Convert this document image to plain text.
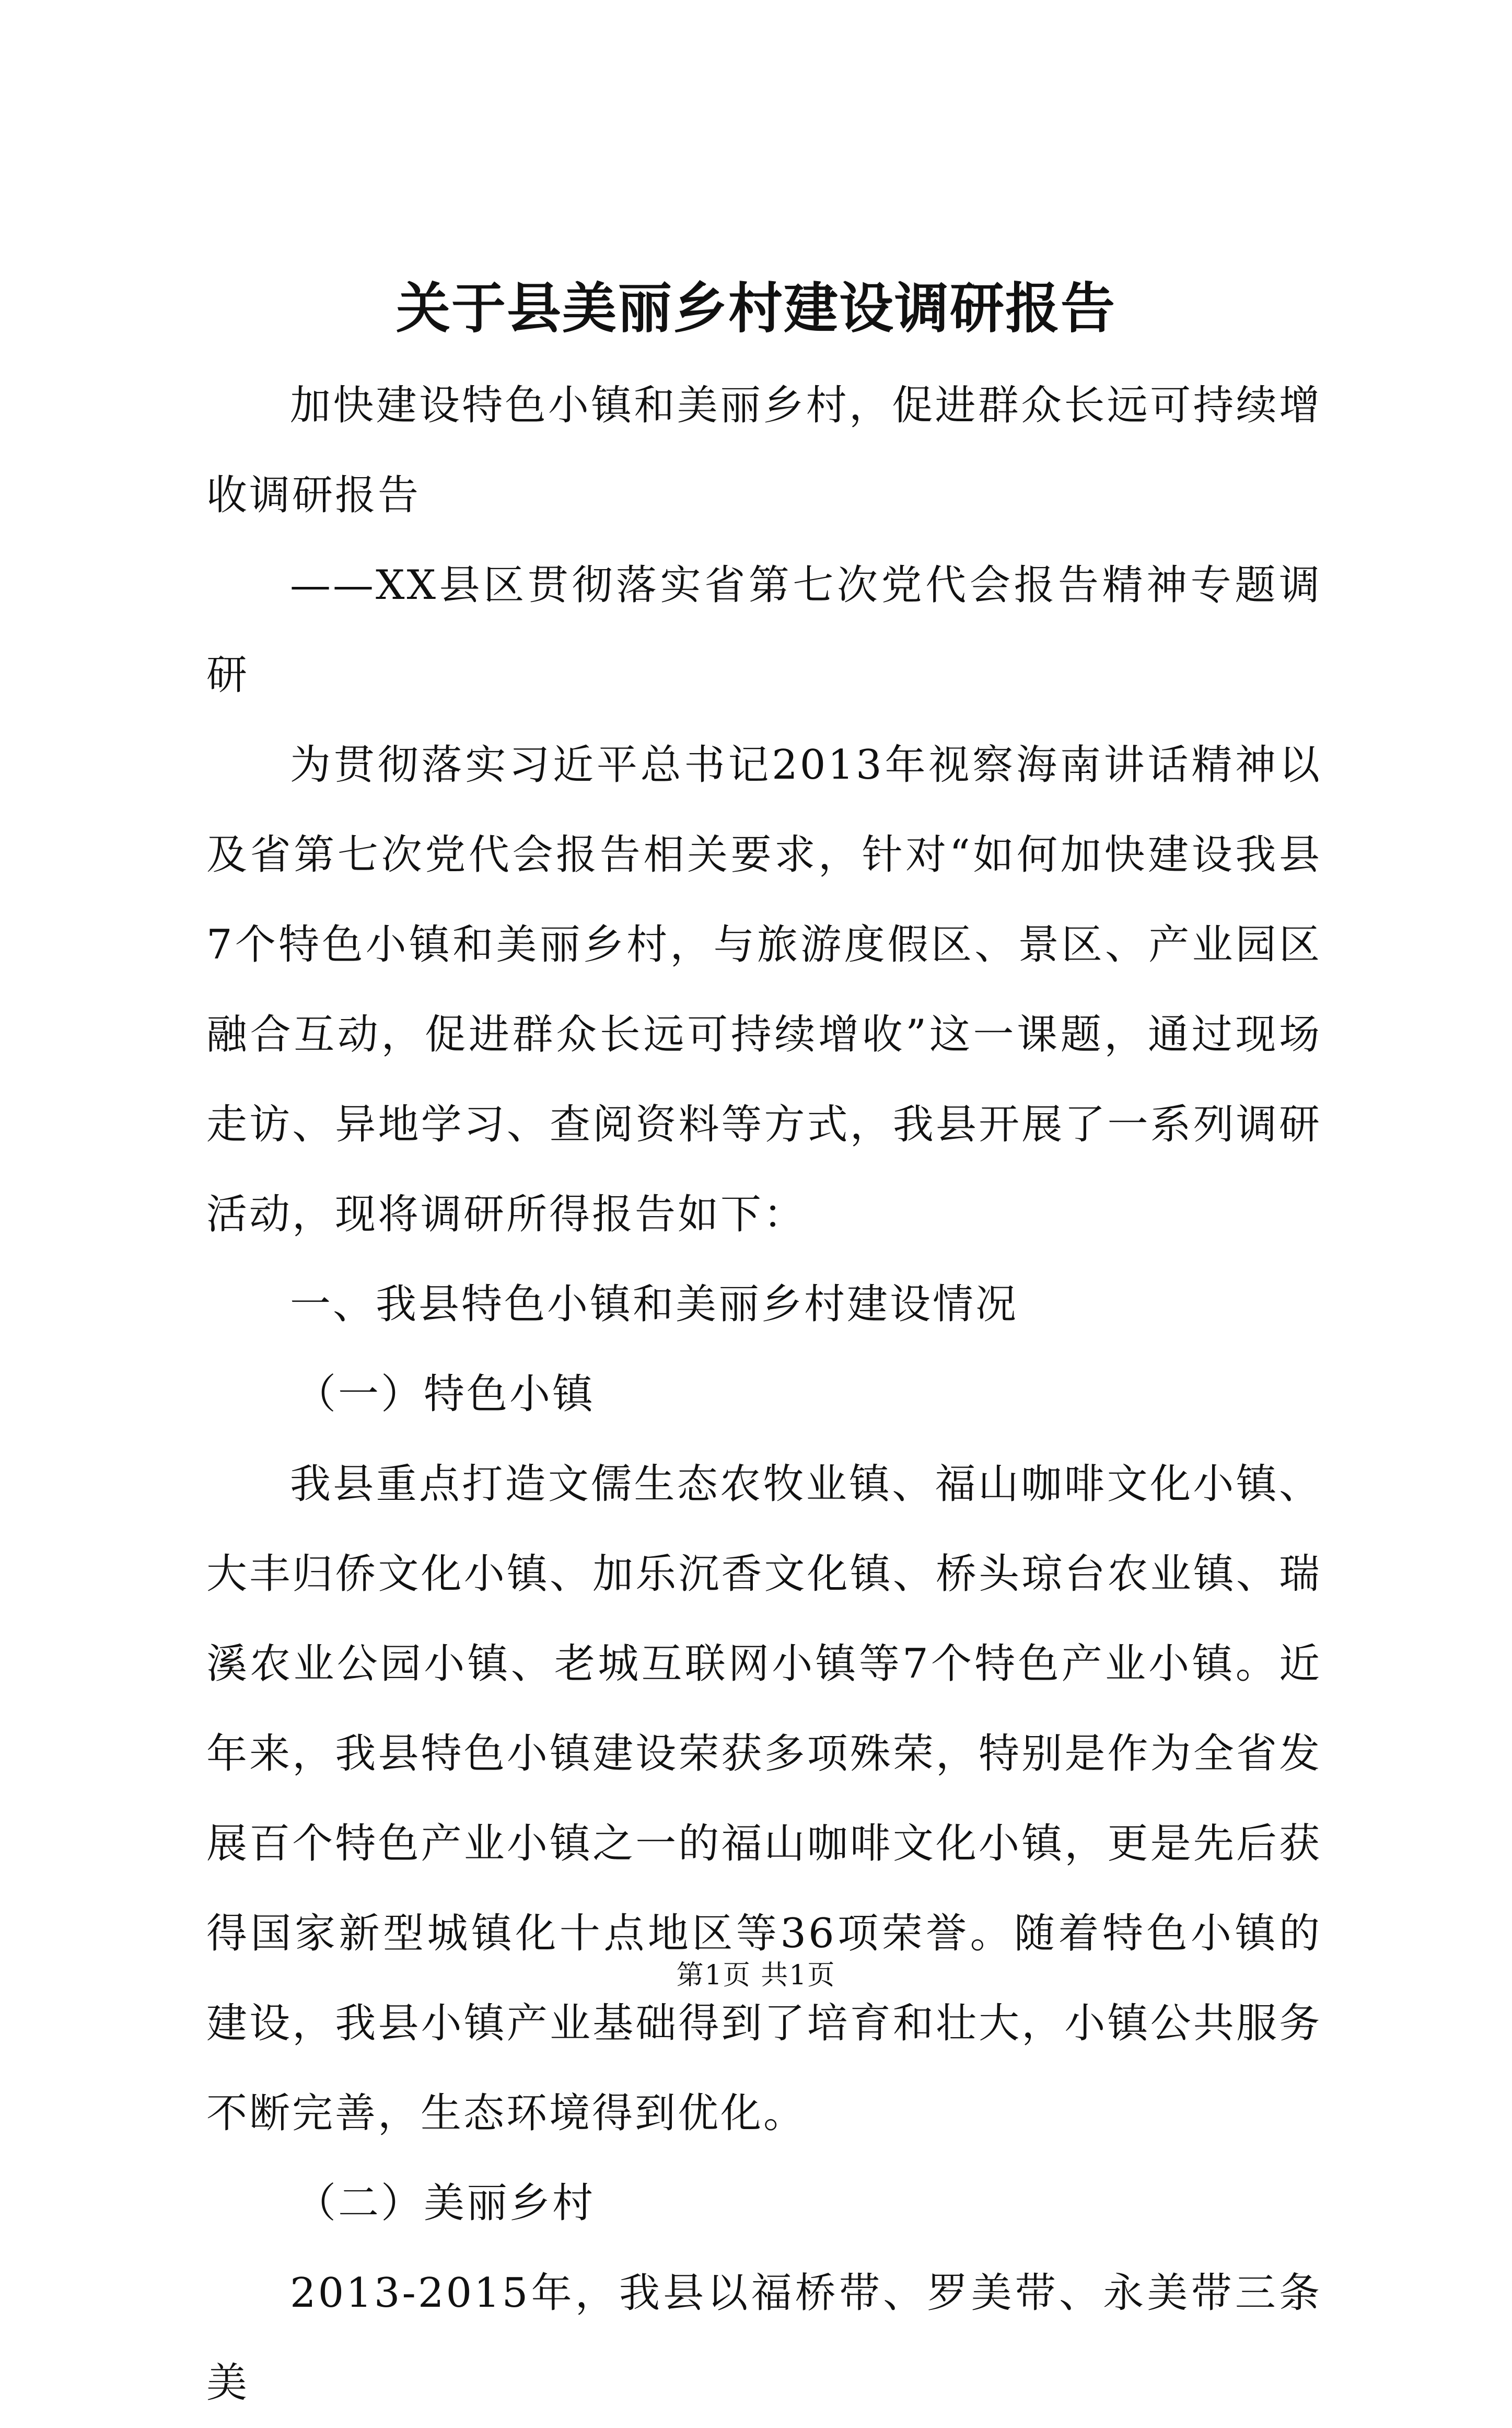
关于县美丽乡村建设调研报告

加快建设特色小镇和美丽乡村，促进群众长远可持续增收调研报告

——XX县区贯彻落实省第七次党代会报告精神专题调研

为贯彻落实习近平总书记2013年视察海南讲话精神以及省第七次党代会报告相关要求，针对“如何加快建设我县7个特色小镇和美丽乡村，与旅游度假区、景区、产业园区融合互动，促进群众长远可持续增收”这一课题，通过现场走访、异地学习、查阅资料等方式，我县开展了一系列调研活动，现将调研所得报告如下：

一、我县特色小镇和美丽乡村建设情况

（一）特色小镇

我县重点打造文儒生态农牧业镇、福山咖啡文化小镇、大丰归侨文化小镇、加乐沉香文化镇、桥头琼台农业镇、瑞溪农业公园小镇、老城互联网小镇等7个特色产业小镇。近年来，我县特色小镇建设荣获多项殊荣，特别是作为全省发展百个特色产业小镇之一的福山咖啡文化小镇，更是先后获得国家新型城镇化十点地区等36项荣誉。随着特色小镇的建设，我县小镇产业基础得到了培育和壮大，小镇公共服务不断完善，生态环境得到优化。

（二）美丽乡村

2013-2015年，我县以福桥带、罗美带、永美带三条美

第1页 共1页
